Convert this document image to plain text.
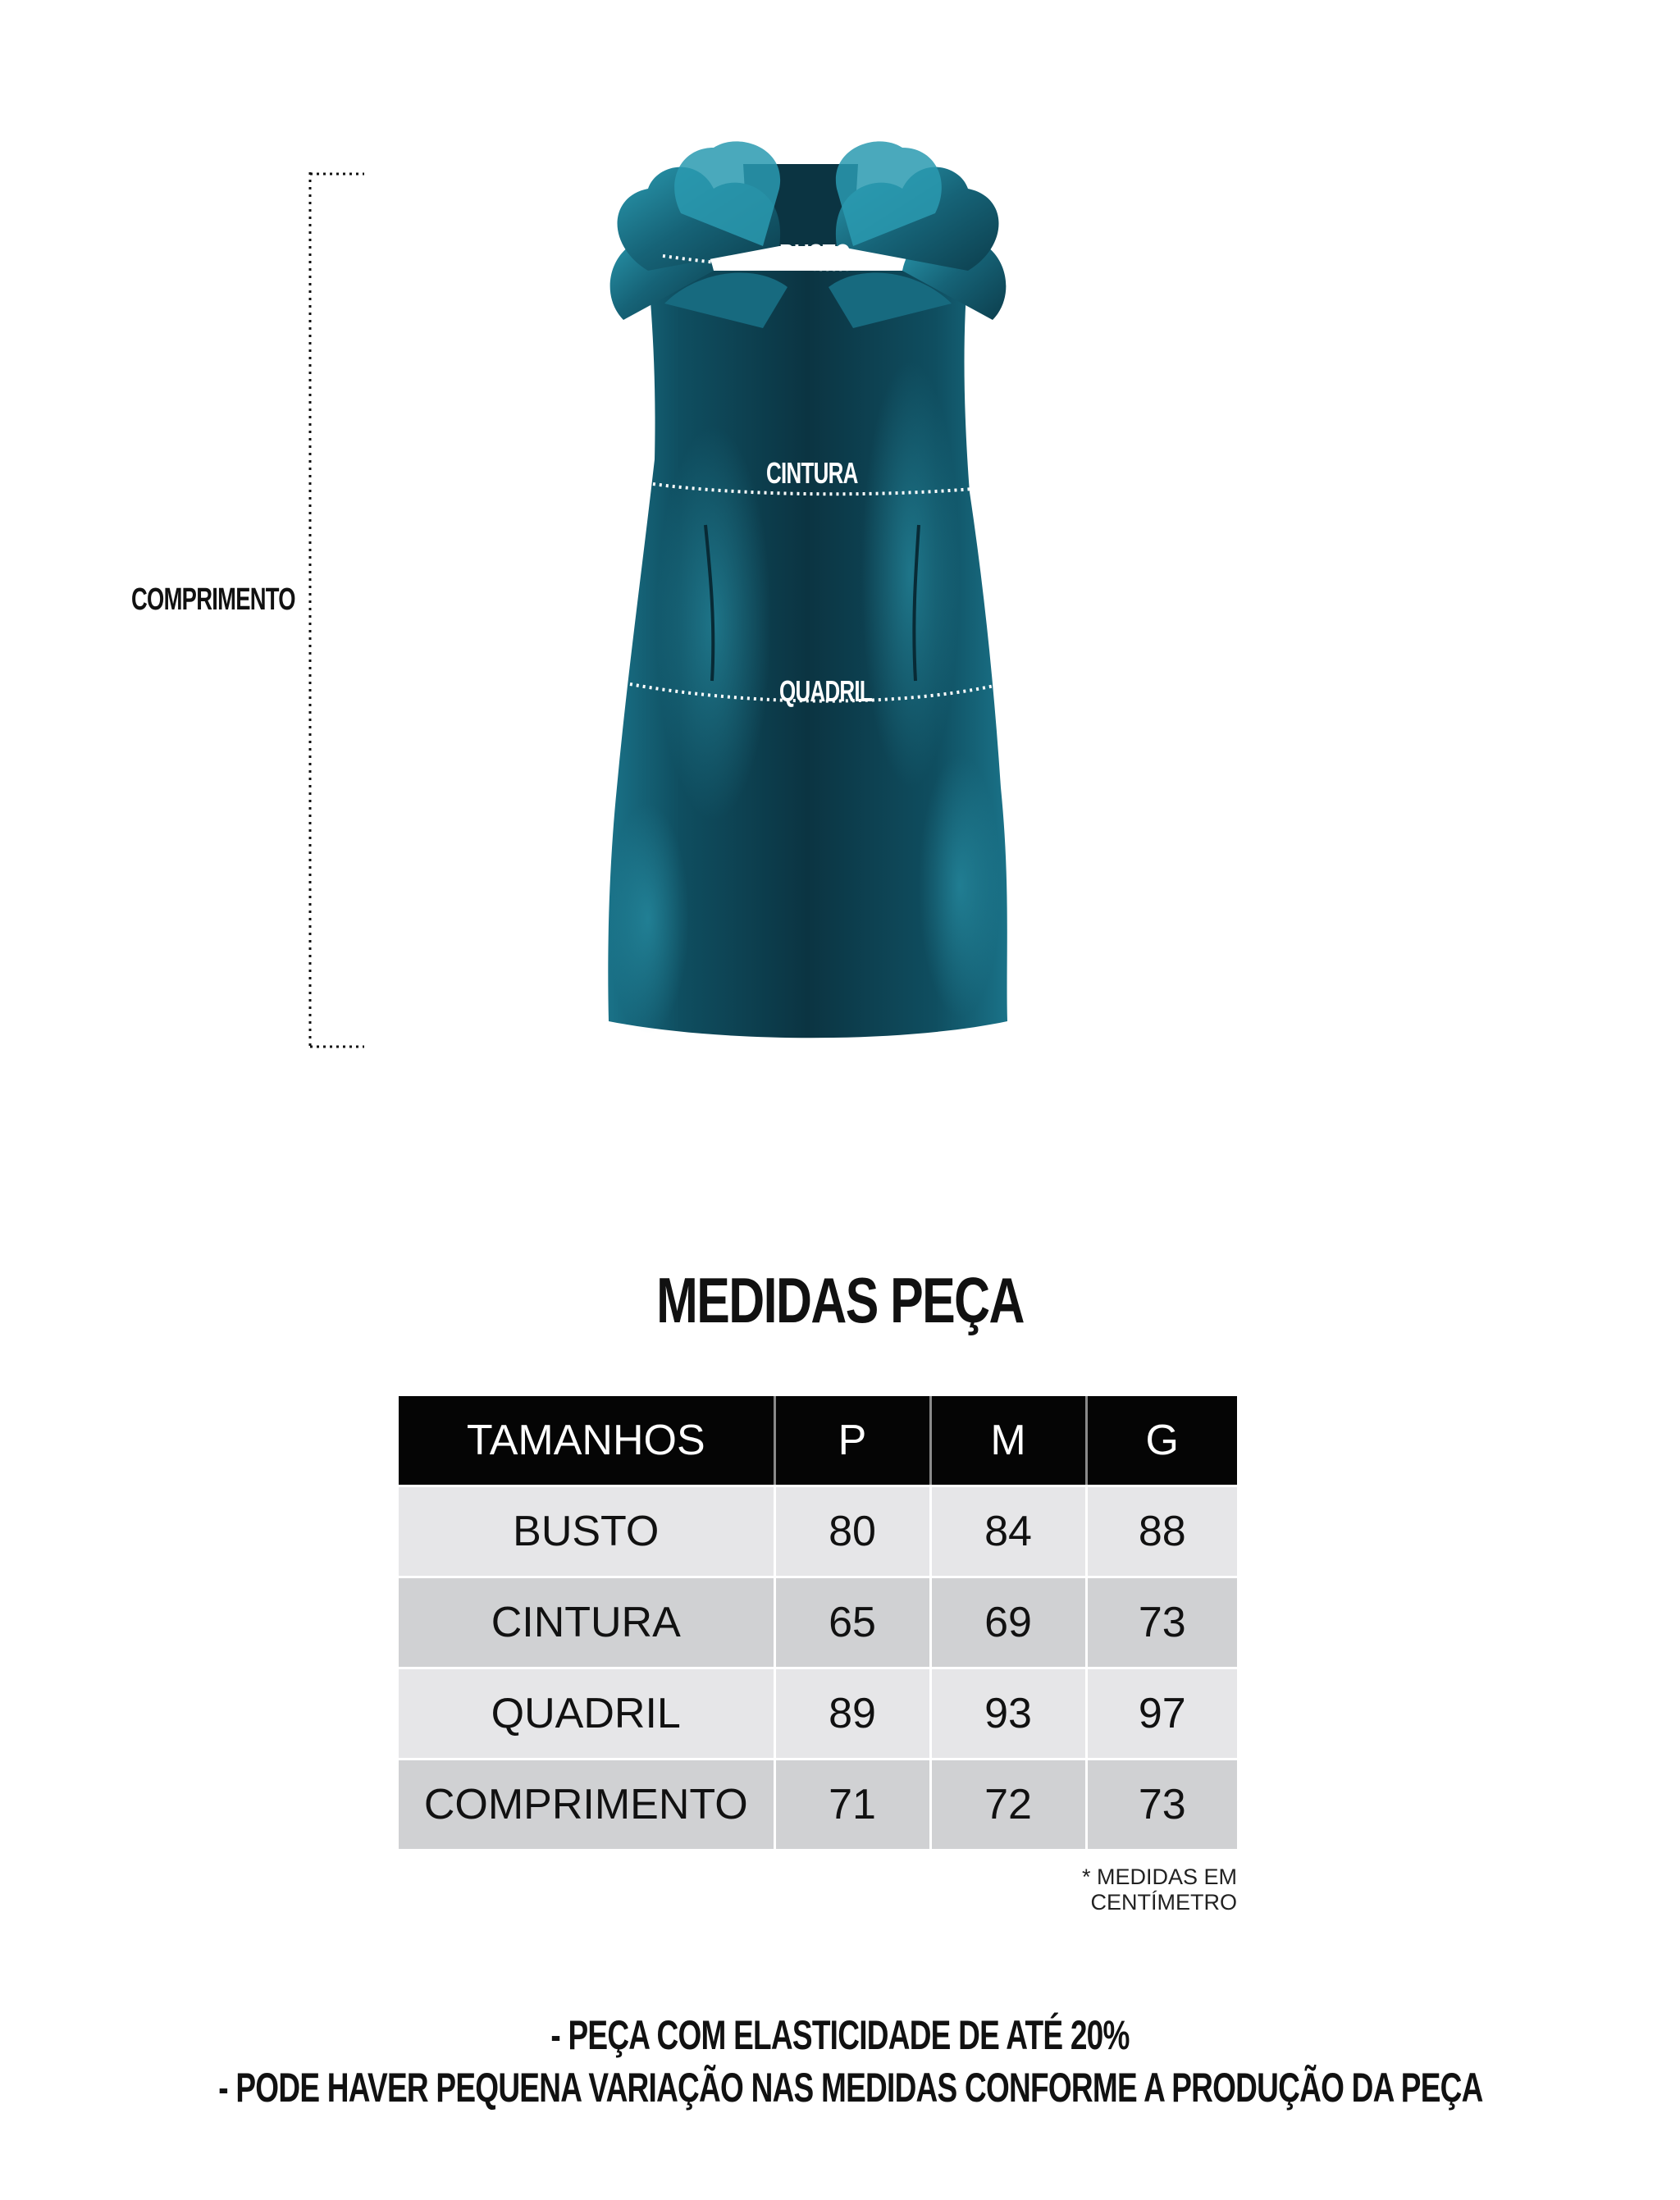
COMPRIMENTO
BUSTO
CINTURA
QUADRIL
MEDIDAS PEÇA
TAMANHOS	P	M	G
BUSTO	80	84	88
CINTURA	65	69	73
QUADRIL	89	93	97
COMPRIMENTO	71	72	73
* MEDIDAS EM CENTÍMETRO
- PEÇA COM ELASTICIDADE DE ATÉ 20%
- PODE HAVER PEQUENA VARIAÇÃO NAS MEDIDAS CONFORME A PRODUÇÃO DA PEÇA
